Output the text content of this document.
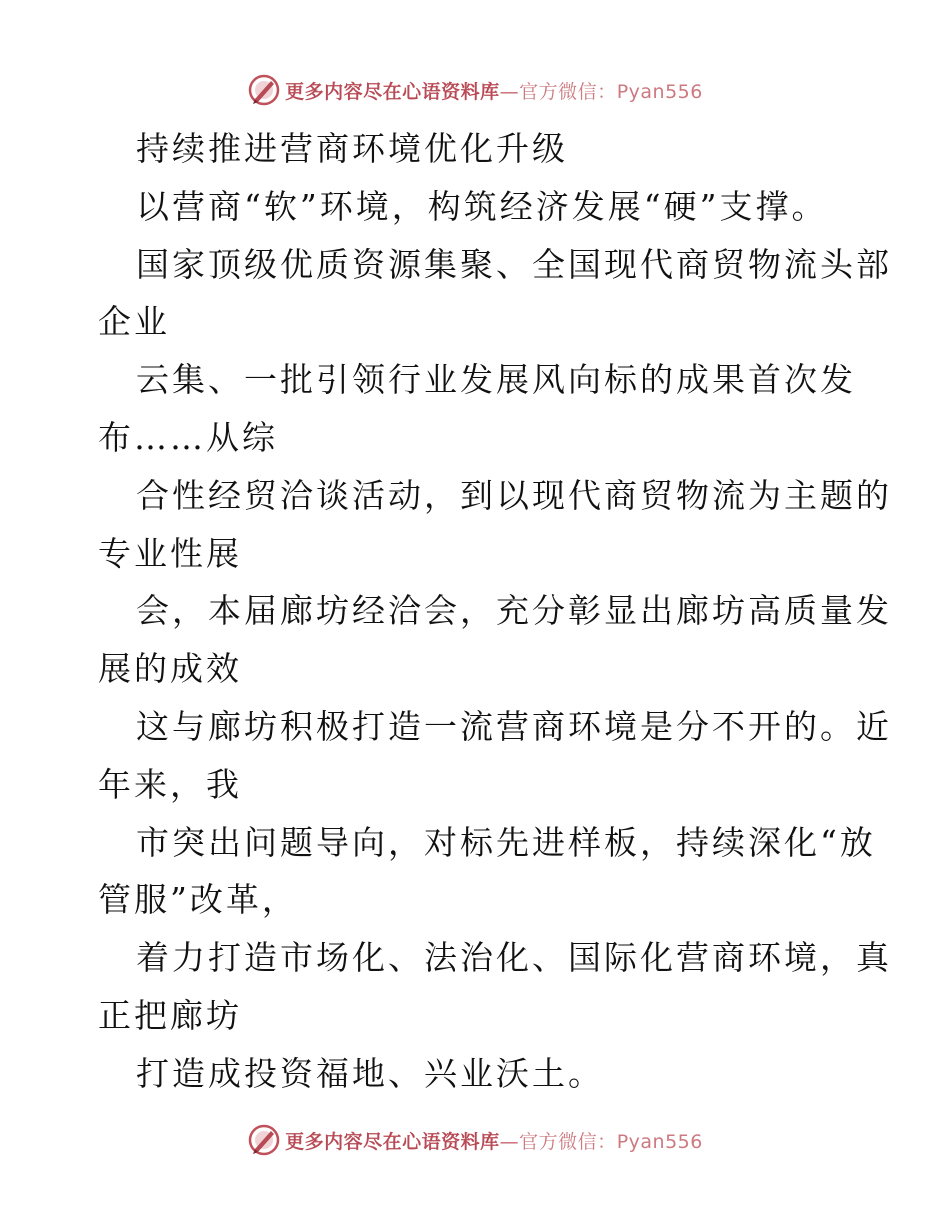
更多内容尽在心语资料库—官方微信：Pyan556
持续推进营商环境优化升级
以营商“软”环境，构筑经济发展“硬”支撑。
国家顶级优质资源集聚、全国现代商贸物流头部
企业
云集、一批引领行业发展风向标的成果首次发
布……从综
合性经贸洽谈活动，到以现代商贸物流为主题的
专业性展
会，本届廊坊经洽会，充分彰显出廊坊高质量发
展的成效
这与廊坊积极打造一流营商环境是分不开的。近
年来，我
市突出问题导向，对标先进样板，持续深化“放
管服”改革，
着力打造市场化、法治化、国际化营商环境，真
正把廊坊
打造成投资福地、兴业沃土。
更多内容尽在心语资料库—官方微信：Pyan556
